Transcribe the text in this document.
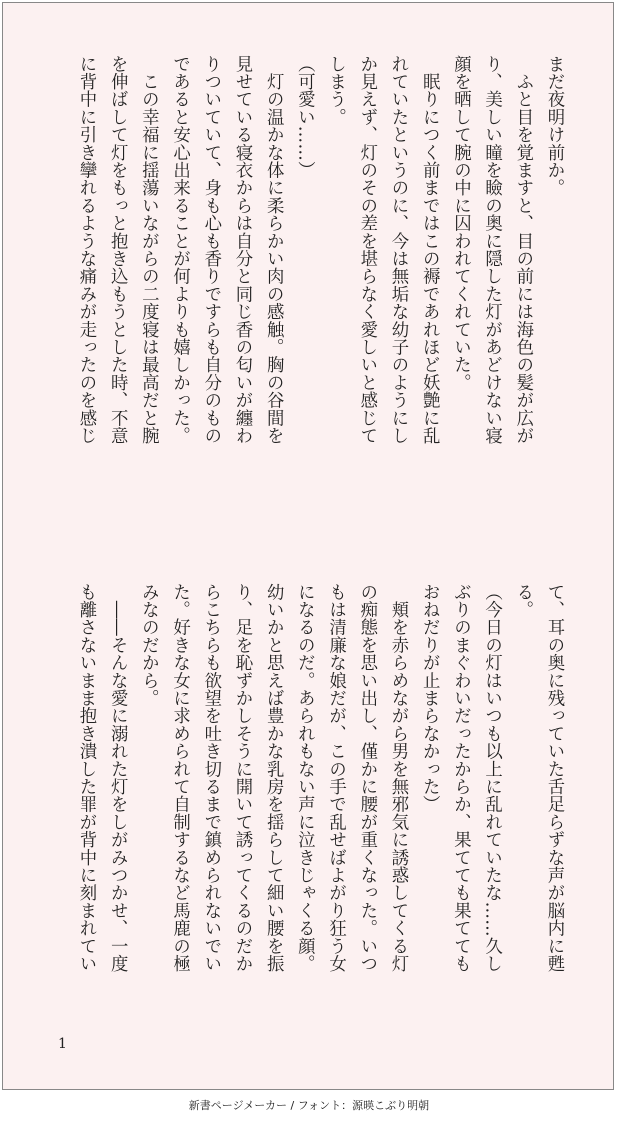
まだ夜明け前か。

　ふと目を覚ますと、目の前には海色の髪が広が

り、美しい瞳を瞼の奥に隠した灯があどけない寝

顔を晒して腕の中に囚われてくれていた。

　眠りにつく前まではこの褥であれほど妖艶に乱

れていたというのに、今は無垢な幼子のようにし

か見えず、灯のその差を堪らなく愛しいと感じて

しまう。

（可愛い……）

　灯の温かな体に柔らかい肉の感触。胸の谷間を

見せている寝衣からは自分と同じ香の匂いが纏わ

りついていて、身も心も香りですらも自分のもの

であると安心出来ることが何よりも嬉しかった。

　この幸福に揺蕩いながらの二度寝は最高だと腕

を伸ばして灯をもっと抱き込もうとした時、不意

に背中に引き攣れるような痛みが走ったのを感じ

て、耳の奥に残っていた舌足らずな声が脳内に甦

る。

（今日の灯はいつも以上に乱れていたな……久し

ぶりのまぐわいだったからか、果てても果てても

おねだりが止まらなかった）

　頬を赤らめながら男を無邪気に誘惑してくる灯

の痴態を思い出し、僅かに腰が重くなった。いつ

もは清廉な娘だが、この手で乱せばよがり狂う女

になるのだ。あられもない声に泣きじゃくる顔。

幼いかと思えば豊かな乳房を揺らして細い腰を振

り、足を恥ずかしそうに開いて誘ってくるのだか

らこちらも欲望を吐き切るまで鎮められないでい

た。好きな女に求められて自制するなど馬鹿の極

みなのだから。

　――そんな愛に溺れた灯をしがみつかせ、一度

も離さないまま抱き潰した罪が背中に刻まれてい

1
新書ページメーカー / フォント：源暎こぶり明朝
